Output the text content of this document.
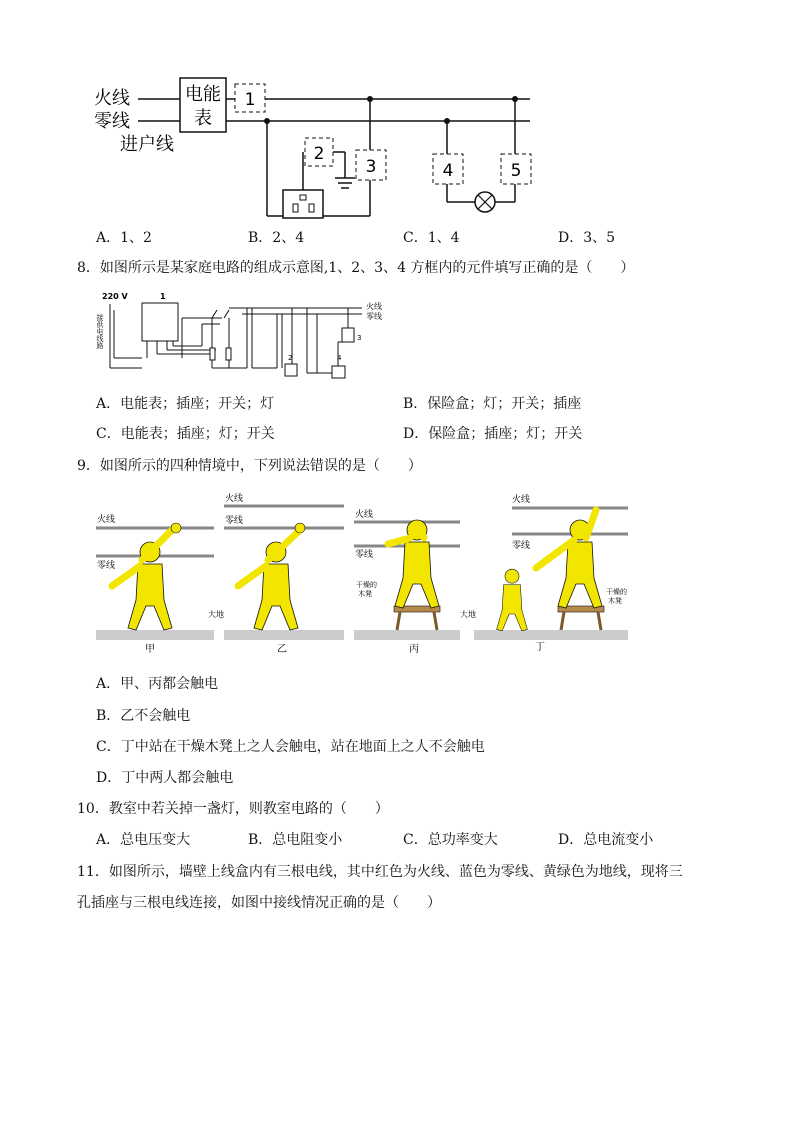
火线
零线
进户线
电能
表
1
2
3	4	5
A．1、2	B．2、4	C．1、4	D．3、5
8．如图所示是某家庭电路的组成示意图,1、2、3、4 方框内的元件填写正确的是（　　）
220 V
接供电线路
1
火线
零线
2	4
3
A．电能表；插座；开关；灯	B．保险盒；灯；开关；插座
C．电能表；插座；灯；开关	D．保险盒；插座；灯；开关
9．如图所示的四种情境中，下列说法错误的是（　　）
火线
零线
甲
火线
零线
大地
乙
火线
零线
干燥的
木凳
丙
大地
火线
零线
干燥的
木凳
丁
A．甲、丙都会触电
B．乙不会触电
C．丁中站在干燥木凳上之人会触电，站在地面上之人不会触电
D．丁中两人都会触电
10．教室中若关掉一盏灯，则教室电路的（　　）
A．总电压变大	B．总电阻变小	C．总功率变大	D．总电流变小
11．如图所示，墙壁上线盒内有三根电线，其中红色为火线、蓝色为零线、黄绿色为地线，现将三
孔插座与三根电线连接，如图中接线情况正确的是（　　）
